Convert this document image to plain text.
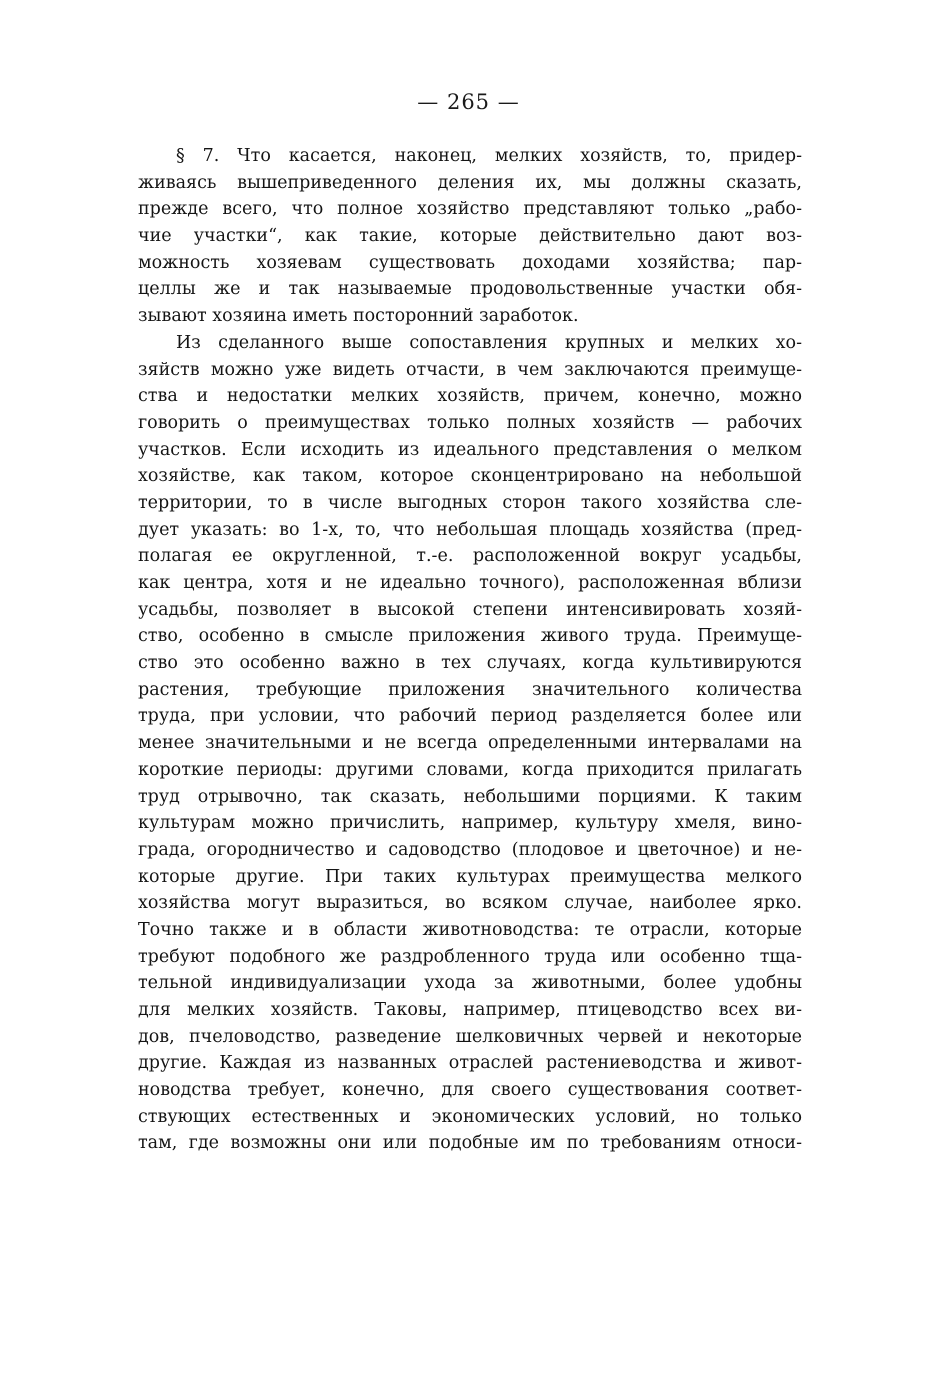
— 265 —
§ 7. Что касается, наконец, мелких хозяйств, то, придер-
живаясь вышеприведенного деления их, мы должны сказать,
прежде всего, что полное хозяйство представляют только „рабо-
чие участки“, как такие, которые действительно дают воз-
можность хозяевам существовать доходами хозяйства; пар-
целлы же и так называемые продовольственные участки обя-
зывают хозяина иметь посторонний заработок.
Из сделанного выше сопоставления крупных и мелких хо-
зяйств можно уже видеть отчасти, в чем заключаются преимуще-
ства и недостатки мелких хозяйств, причем, конечно, можно
говорить о преимуществах только полных хозяйств — рабочих
участков. Если исходить из идеального представления о мелком
хозяйстве, как таком, которое сконцентрировано на небольшой
территории, то в числе выгодных сторон такого хозяйства сле-
дует указать: во 1-х, то, что небольшая площадь хозяйства (пред-
полагая ее округленной, т.-е. расположенной вокруг усадьбы,
как центра, хотя и не идеально точного), расположенная вблизи
усадьбы, позволяет в высокой степени интенсивировать хозяй-
ство, особенно в смысле приложения живого труда. Преимуще-
ство это особенно важно в тех случаях, когда культивируются
растения, требующие приложения значительного количества
труда, при условии, что рабочий период разделяется более или
менее значительными и не всегда определенными интервалами на
короткие периоды: другими словами, когда приходится прилагать
труд отрывочно, так сказать, небольшими порциями. К таким
культурам можно причислить, например, культуру хмеля, вино-
града, огородничество и садоводство (плодовое и цветочное) и не-
которые другие. При таких культурах преимущества мелкого
хозяйства могут выразиться, во всяком случае, наиболее ярко.
Точно также и в области животноводства: те отрасли, которые
требуют подобного же раздробленного труда или особенно тща-
тельной индивидуализации ухода за животными, более удобны
для мелких хозяйств. Таковы, например, птицеводство всех ви-
дов, пчеловодство, разведение шелковичных червей и некоторые
другие. Каждая из названных отраслей растениеводства и живот-
новодства требует, конечно, для своего существования соответ-
ствующих естественных и экономических условий, но только
там, где возможны они или подобные им по требованиям относи-
